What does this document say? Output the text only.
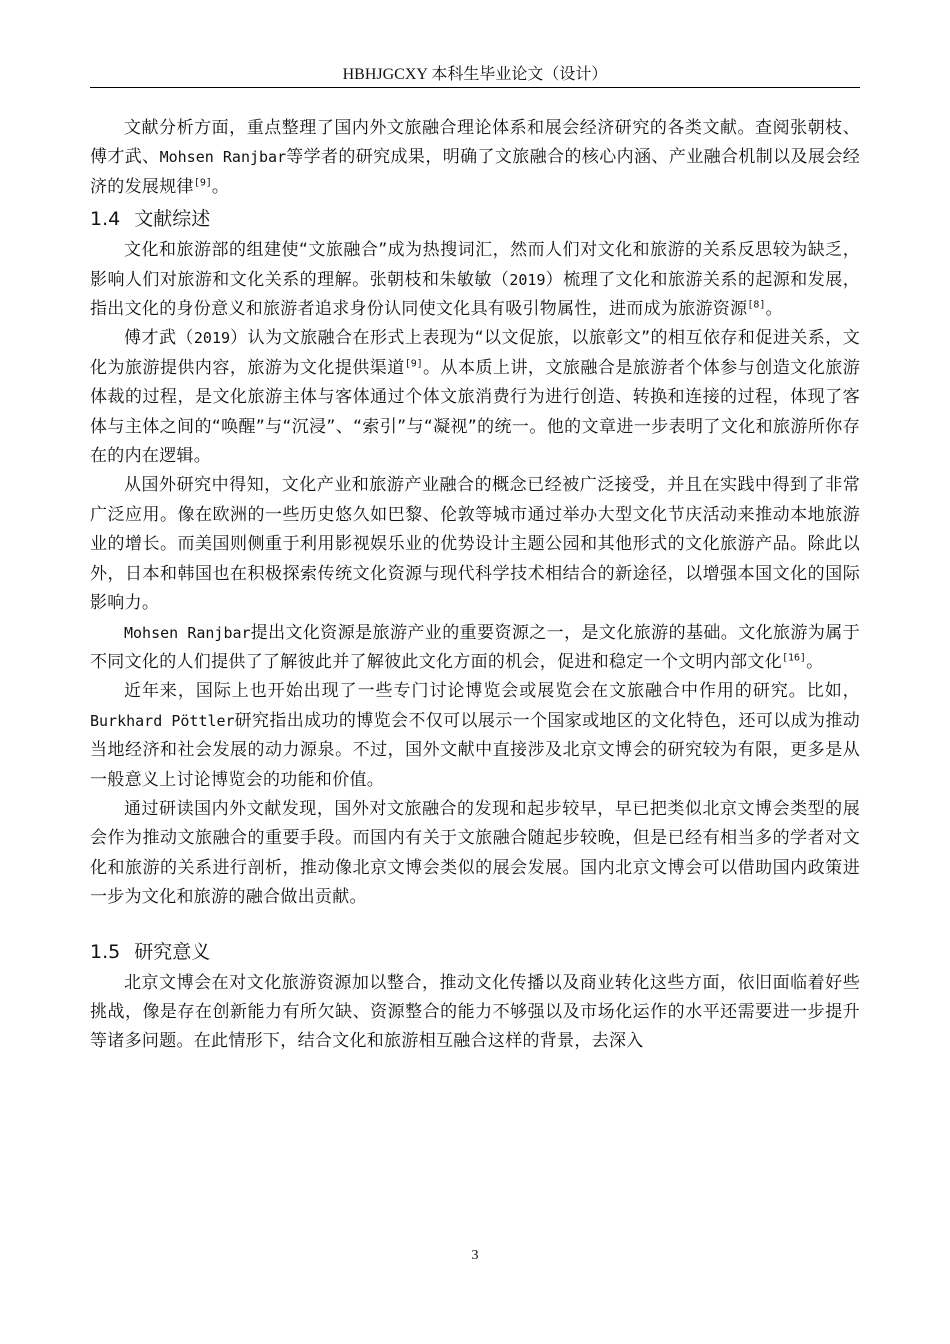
HBHJGCXY 本科生毕业论文（设计）

文献分析方面，重点整理了国内外文旅融合理论体系和展会经济研究的各类文献。查阅张朝枝、傅才武、Mohsen Ranjbar等学者的研究成果，明确了文旅融合的核心内涵、产业融合机制以及展会经济的发展规律[9]。

1.4 文献综述

文化和旅游部的组建使“文旅融合”成为热搜词汇，然而人们对文化和旅游的关系反思较为缺乏，影响人们对旅游和文化关系的理解。张朝枝和朱敏敏（2019）梳理了文化和旅游关系的起源和发展，指出文化的身份意义和旅游者追求身份认同使文化具有吸引物属性，进而成为旅游资源[8]。

傅才武（2019）认为文旅融合在形式上表现为“以文促旅，以旅彰文”的相互依存和促进关系，文化为旅游提供内容，旅游为文化提供渠道[9]。从本质上讲，文旅融合是旅游者个体参与创造文化旅游体裁的过程，是文化旅游主体与客体通过个体文旅消费行为进行创造、转换和连接的过程，体现了客体与主体之间的“唤醒”与“沉浸”、“索引”与“凝视”的统一。他的文章进一步表明了文化和旅游所你存在的内在逻辑。

从国外研究中得知，文化产业和旅游产业融合的概念已经被广泛接受，并且在实践中得到了非常广泛应用。像在欧洲的一些历史悠久如巴黎、伦敦等城市通过举办大型文化节庆活动来推动本地旅游业的增长。而美国则侧重于利用影视娱乐业的优势设计主题公园和其他形式的文化旅游产品。除此以外，日本和韩国也在积极探索传统文化资源与现代科学技术相结合的新途径，以增强本国文化的国际影响力。

Mohsen Ranjbar提出文化资源是旅游产业的重要资源之一，是文化旅游的基础。文化旅游为属于不同文化的人们提供了了解彼此并了解彼此文化方面的机会，促进和稳定一个文明内部文化[16]。

近年来，国际上也开始出现了一些专门讨论博览会或展览会在文旅融合中作用的研究。比如，Burkhard Pöttler研究指出成功的博览会不仅可以展示一个国家或地区的文化特色，还可以成为推动当地经济和社会发展的动力源泉。不过，国外文献中直接涉及北京文博会的研究较为有限，更多是从一般意义上讨论博览会的功能和价值。

通过研读国内外文献发现，国外对文旅融合的发现和起步较早，早已把类似北京文博会类型的展会作为推动文旅融合的重要手段。而国内有关于文旅融合随起步较晚，但是已经有相当多的学者对文化和旅游的关系进行剖析，推动像北京文博会类似的展会发展。国内北京文博会可以借助国内政策进一步为文化和旅游的融合做出贡献。

1.5 研究意义

北京文博会在对文化旅游资源加以整合，推动文化传播以及商业转化这些方面，依旧面临着好些挑战，像是存在创新能力有所欠缺、资源整合的能力不够强以及市场化运作的水平还需要进一步提升等诸多问题。在此情形下，结合文化和旅游相互融合这样的背景，去深入

3
